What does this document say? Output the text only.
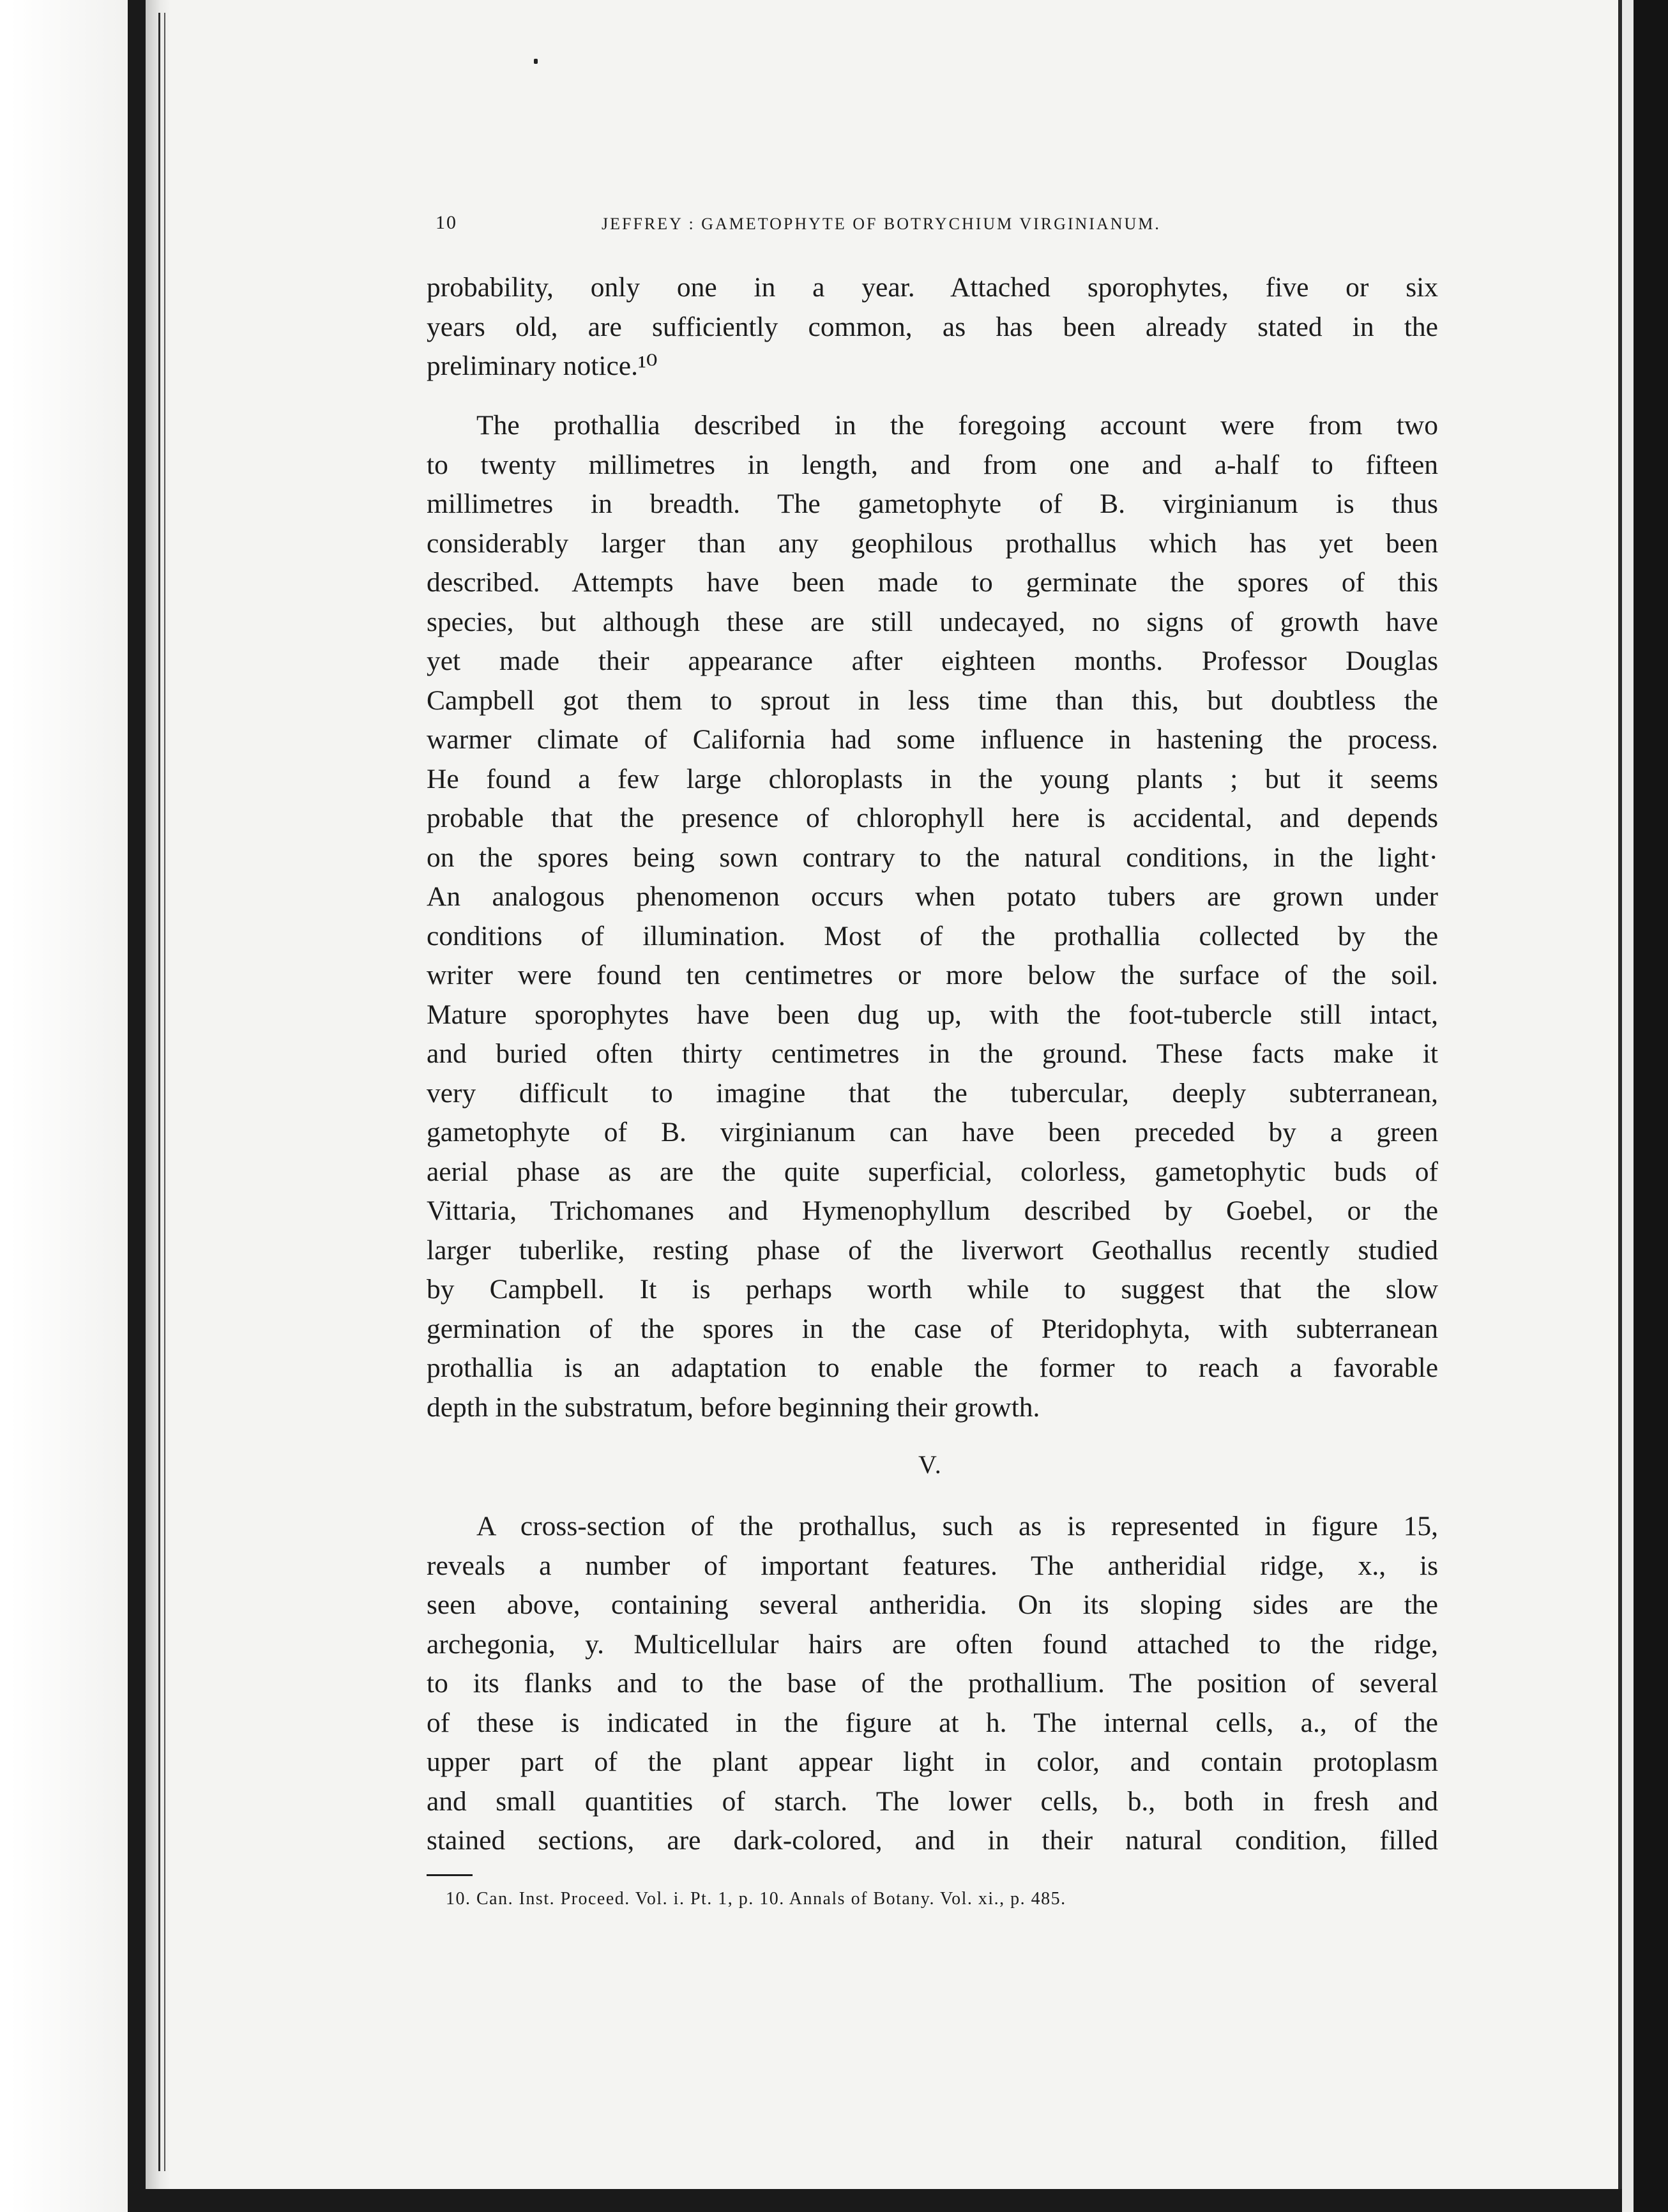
10	JEFFREY : GAMETOPHYTE OF BOTRYCHIUM VIRGINIANUM.
probability, only one in a year. Attached sporophytes, five or six
years old, are sufficiently common, as has been already stated in the
preliminary notice.¹⁰
The prothallia described in the foregoing account were from two
to twenty millimetres in length, and from one and a-half to fifteen
millimetres in breadth. The gametophyte of B. virginianum is thus
considerably larger than any geophilous prothallus which has yet been
described. Attempts have been made to germinate the spores of this
species, but although these are still undecayed, no signs of growth have
yet made their appearance after eighteen months. Professor Douglas
Campbell got them to sprout in less time than this, but doubtless the
warmer climate of California had some influence in hastening the process.
He found a few large chloroplasts in the young plants ; but it seems
probable that the presence of chlorophyll here is accidental, and depends
on the spores being sown contrary to the natural conditions, in the light·
An analogous phenomenon occurs when potato tubers are grown under
conditions of illumination. Most of the prothallia collected by the
writer were found ten centimetres or more below the surface of the soil.
Mature sporophytes have been dug up, with the foot-tubercle still intact,
and buried often thirty centimetres in the ground. These facts make it
very difficult to imagine that the tubercular, deeply subterranean,
gametophyte of B. virginianum can have been preceded by a green
aerial phase as are the quite superficial, colorless, gametophytic buds of
Vittaria, Trichomanes and Hymenophyllum described by Goebel, or the
larger tuberlike, resting phase of the liverwort Geothallus recently studied
by Campbell. It is perhaps worth while to suggest that the slow
germination of the spores in the case of Pteridophyta, with subterranean
prothallia is an adaptation to enable the former to reach a favorable
depth in the substratum, before beginning their growth.
V.
A cross-section of the prothallus, such as is represented in figure 15,
reveals a number of important features. The antheridial ridge, x., is
seen above, containing several antheridia. On its sloping sides are the
archegonia, y. Multicellular hairs are often found attached to the ridge,
to its flanks and to the base of the prothallium. The position of several
of these is indicated in the figure at h. The internal cells, a., of the
upper part of the plant appear light in color, and contain protoplasm
and small quantities of starch. The lower cells, b., both in fresh and
stained sections, are dark-colored, and in their natural condition, filled
10. Can. Inst. Proceed. Vol. i. Pt. 1, p. 10. Annals of Botany. Vol. xi., p. 485.
